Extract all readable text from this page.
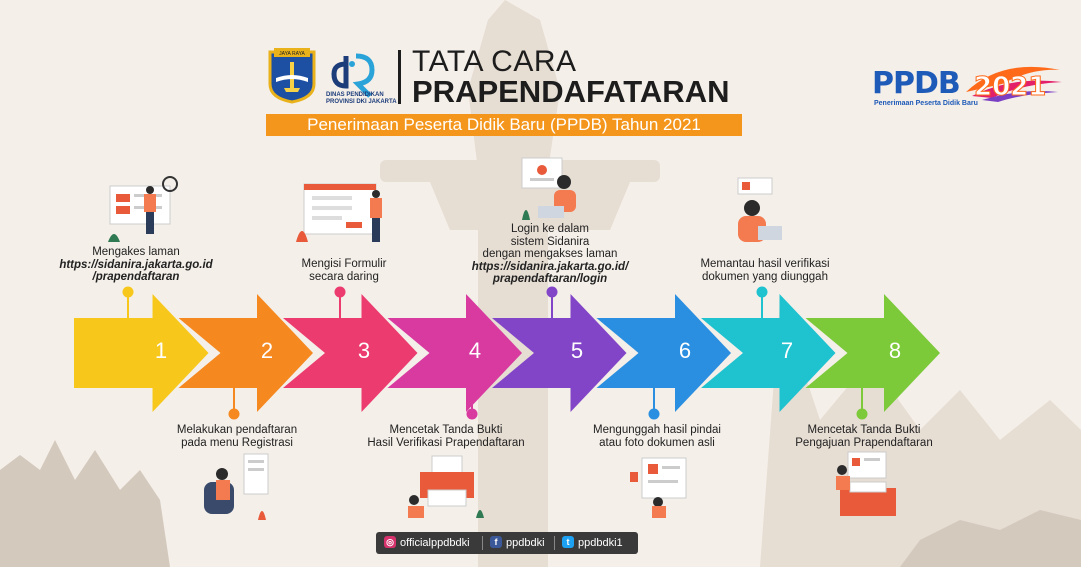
JAYA RAYA
DINAS PENDIDIKAN
PROVINSI DKI JAKARTA
TATA CARA
PRAPENDAFATARAN
Penerimaan Peserta Didik Baru (PPDB) Tahun 2021
PPDB 2021
Penerimaan Peserta Didik Baru
1	2	3	4	5	6	7	8
Mengakes laman
https://sidanira.jakarta.go.id
/prapendaftaran
Melakukan pendaftaran
pada menu Registrasi
Mengisi Formulir
secara daring
Mencetak Tanda Bukti
Hasil Verifikasi Prapendaftaran
Login ke dalam
sistem Sidanira
dengan mengakses laman
https://sidanira.jakarta.go.id/
prapendaftaran/login
Mengunggah hasil pindai
atau foto dokumen asli
Memantau hasil verifikasi
dokumen yang diunggah
Mencetak Tanda Bukti
Pengajuan Prapendaftaran
◎ officialppdbdki	f ppdbdki	t ppdbdki1
